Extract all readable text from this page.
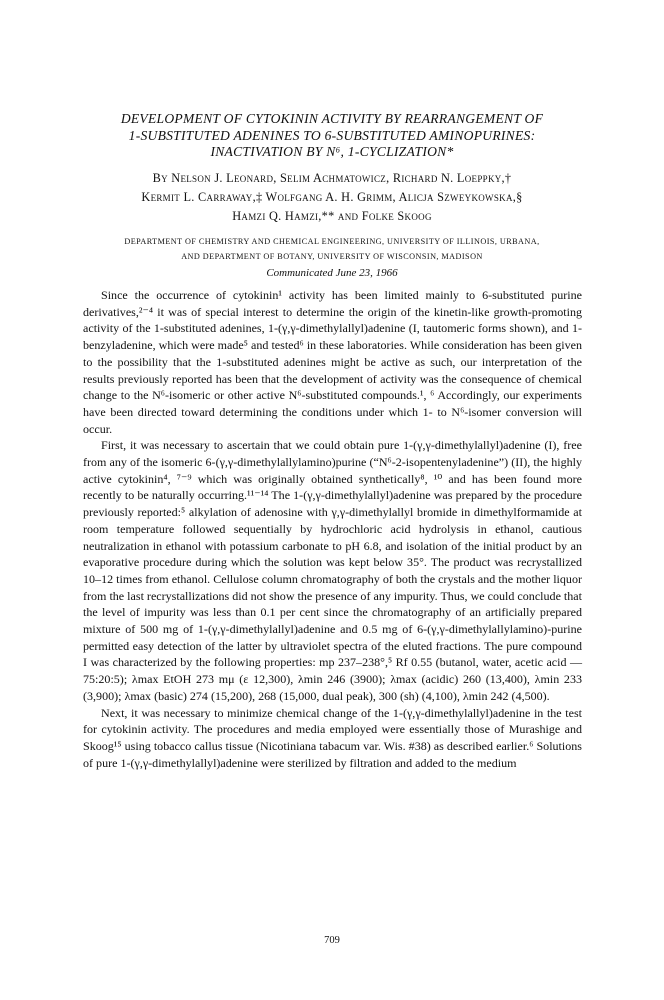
DEVELOPMENT OF CYTOKININ ACTIVITY BY REARRANGEMENT OF
1-SUBSTITUTED ADENINES TO 6-SUBSTITUTED AMINOPURINES:
INACTIVATION BY N⁶, 1-CYCLIZATION*
By Nelson J. Leonard, Selim Achmatowicz, Richard N. Loeppky,†
Kermit L. Carraway,‡ Wolfgang A. H. Grimm, Alicja Szweykowska,§
Hamzi Q. Hamzi,** and Folke Skoog
DEPARTMENT OF CHEMISTRY AND CHEMICAL ENGINEERING, UNIVERSITY OF ILLINOIS, URBANA,
AND DEPARTMENT OF BOTANY, UNIVERSITY OF WISCONSIN, MADISON

Communicated June 23, 1966

Since the occurrence of cytokinin¹ activity has been limited mainly to 6-substituted purine derivatives,²⁻⁴ it was of special interest to determine the origin of the kinetin-like growth-promoting activity of the 1-substituted adenines, 1-(γ,γ-dimethylallyl)adenine (I, tautomeric forms shown), and 1-benzyladenine, which were made⁵ and tested⁶ in these laboratories. While consideration has been given to the possibility that the 1-substituted adenines might be active as such, our interpretation of the results previously reported has been that the development of activity was the consequence of chemical change to the N⁶-isomeric or other active N⁶-substituted compounds.¹, ⁶ Accordingly, our experiments have been directed toward determining the conditions under which 1- to N⁶-isomer conversion will occur.

First, it was necessary to ascertain that we could obtain pure 1-(γ,γ-dimethylallyl)adenine (I), free from any of the isomeric 6-(γ,γ-dimethylallylamino)purine (“N⁶-2-isopentenyladenine”) (II), the highly active cytokinin⁴, ⁷⁻⁹ which was originally obtained synthetically⁸, ¹⁰ and has been found more recently to be naturally occurring.¹¹⁻¹⁴ The 1-(γ,γ-dimethylallyl)adenine was prepared by the procedure previously reported:⁵ alkylation of adenosine with γ,γ-dimethylallyl bromide in dimethylformamide at room temperature followed sequentially by hydrochloric acid hydrolysis in ethanol, cautious neutralization in ethanol with potassium carbonate to pH 6.8, and isolation of the initial product by an evaporative procedure during which the solution was kept below 35°. The product was recrystallized 10–12 times from ethanol. Cellulose column chromatography of both the crystals and the mother liquor from the last recrystallizations did not show the presence of any impurity. Thus, we could conclude that the level of impurity was less than 0.1 per cent since the chromatography of an artificially prepared mixture of 500 mg of 1-(γ,γ-dimethylallyl)adenine and 0.5 mg of 6-(γ,γ-dimethylallylamino)-purine permitted easy detection of the latter by ultraviolet spectra of the eluted fractions. The pure compound I was characterized by the following properties: mp 237–238°,⁵ Rf 0.55 (butanol, water, acetic acid —75:20:5); λmax EtOH 273 mμ (ε 12,300), λmin 246 (3900); λmax (acidic) 260 (13,400), λmin 233 (3,900); λmax (basic) 274 (15,200), 268 (15,000, dual peak), 300 (sh) (4,100), λmin 242 (4,500).

Next, it was necessary to minimize chemical change of the 1-(γ,γ-dimethylallyl)adenine in the test for cytokinin activity. The procedures and media employed were essentially those of Murashige and Skoog¹⁵ using tobacco callus tissue (Nicotiniana tabacum var. Wis. #38) as described earlier.⁶ Solutions of pure 1-(γ,γ-dimethylallyl)adenine were sterilized by filtration and added to the medium

709
